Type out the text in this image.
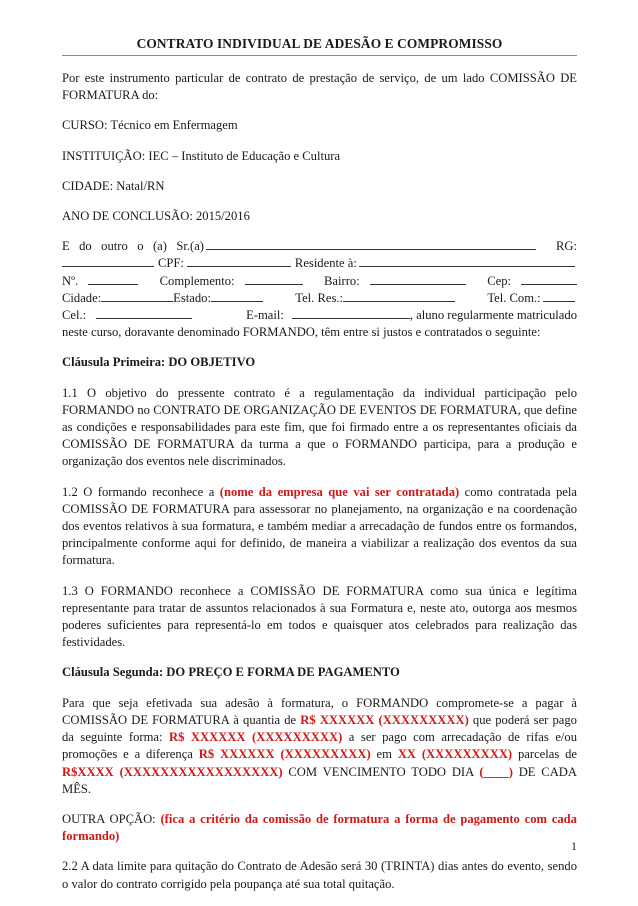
CONTRATO INDIVIDUAL DE ADESÃO E COMPROMISSO

Por este instrumento particular de contrato de prestação de serviço, de um lado COMISSÃO DE FORMATURA do:

CURSO: Técnico em Enfermagem

INSTITUIÇÃO: IEC – Instituto de Educação e Cultura

CIDADE: Natal/RN

ANO DE CONCLUSÃO: 2015/2016

E   do   outro   o   (a)   Sr.(a)	RG:
CPF:	Residente à:
Nº.	Complemento:	Bairro:	Cep:
Cidade:	Estado:	Tel. Res.:	Tel. Com.:
Cel.:	E-mail:	, aluno regularmente matriculado
neste curso, doravante denominado FORMANDO, têm entre si justos e contratados o seguinte:

Cláusula Primeira: DO OBJETIVO

1.1 O objetivo do pressente contrato é a regulamentação da individual participação pelo FORMANDO no CONTRATO DE ORGANIZAÇÃO DE EVENTOS DE FORMATURA, que define as condições e responsabilidades para este fim, que foi firmado entre a os representantes oficiais da COMISSÃO DE FORMATURA da turma a que o FORMANDO participa, para a produção e organização dos eventos nele discriminados.

1.2 O formando reconhece a (nome da empresa que vai ser contratada) como contratada pela COMISSÃO DE FORMATURA para assessorar no planejamento, na organização e na coordenação dos eventos relativos à sua formatura, e também mediar a arrecadação de fundos entre os formandos, principalmente conforme aqui for definido, de maneira a viabilizar a realização dos eventos da sua formatura.

1.3 O FORMANDO reconhece a COMISSÃO DE FORMATURA como sua única e legítima representante para tratar de assuntos relacionados à sua Formatura e, neste ato, outorga aos mesmos poderes suficientes para representá-lo em todos e quaisquer atos celebrados para realização das festividades.

Cláusula Segunda: DO PREÇO E FORMA DE PAGAMENTO

Para que seja efetivada sua adesão à formatura, o FORMANDO compromete-se a pagar à COMISSÃO DE FORMATURA à quantia de R$ XXXXXX (XXXXXXXXX) que poderá ser pago da seguinte forma: R$ XXXXXX (XXXXXXXXX) a ser pago com arrecadação de rifas e/ou promoções e a diferença R$ XXXXXX (XXXXXXXXX) em XX (XXXXXXXXX) parcelas de R$XXXX (XXXXXXXXXXXXXXXXX) COM VENCIMENTO TODO DIA (____) DE CADA MÊS.

OUTRA OPÇÃO: (fica a critério da comissão de formatura a forma de pagamento com cada formando)

2.2 A data limite para quitação do Contrato de Adesão será 30 (TRINTA) dias antes do evento, sendo o valor do contrato corrigido pela poupança até sua total quitação.

1
